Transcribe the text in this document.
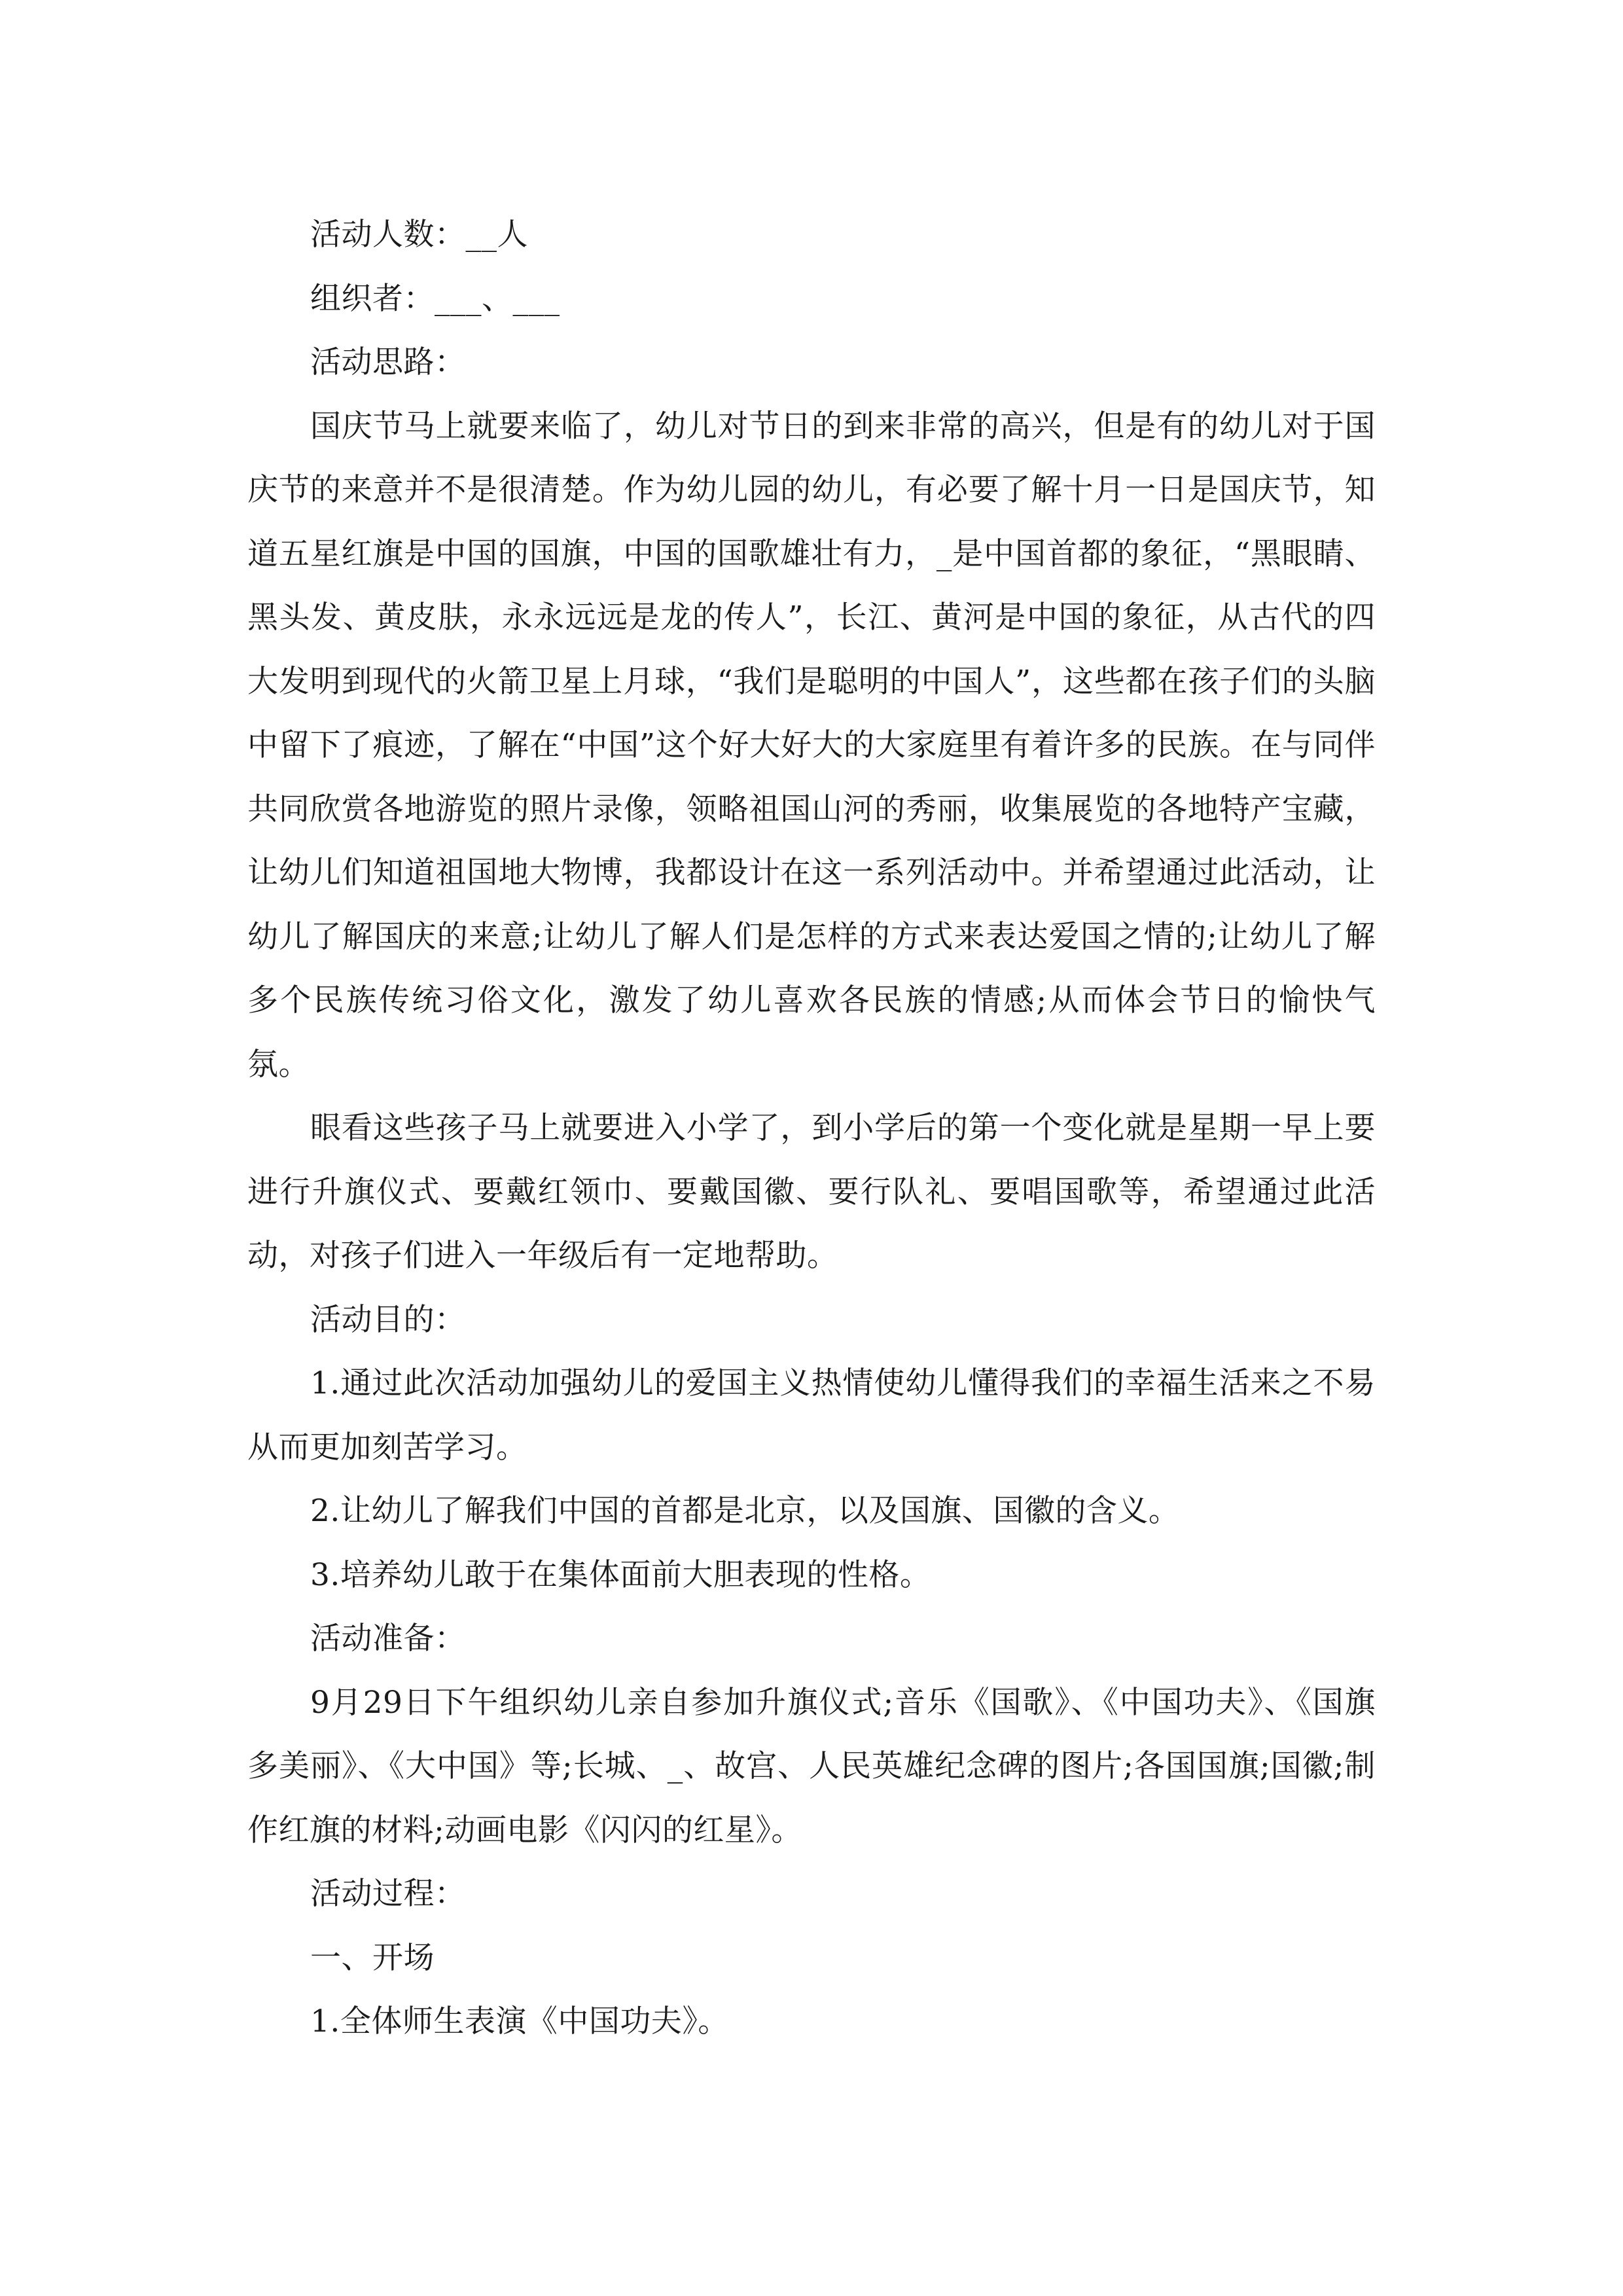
活动人数：__人

组织者：___、___

活动思路：

国庆节马上就要来临了，幼儿对节日的到来非常的高兴，但是有的幼儿对于国庆节的来意并不是很清楚。作为幼儿园的幼儿，有必要了解十月一日是国庆节，知道五星红旗是中国的国旗，中国的国歌雄壮有力，_是中国首都的象征，“黑眼睛、黑头发、黄皮肤，永永远远是龙的传人”，长江、黄河是中国的象征，从古代的四大发明到现代的火箭卫星上月球，“我们是聪明的中国人”，这些都在孩子们的头脑中留下了痕迹，了解在“中国”这个好大好大的大家庭里有着许多的民族。在与同伴共同欣赏各地游览的照片录像，领略祖国山河的秀丽，收集展览的各地特产宝藏，让幼儿们知道祖国地大物博，我都设计在这一系列活动中。并希望通过此活动，让幼儿了解国庆的来意;让幼儿了解人们是怎样的方式来表达爱国之情的;让幼儿了解多个民族传统习俗文化，激发了幼儿喜欢各民族的情感;从而体会节日的愉快气氛。

眼看这些孩子马上就要进入小学了，到小学后的第一个变化就是星期一早上要进行升旗仪式、要戴红领巾、要戴国徽、要行队礼、要唱国歌等，希望通过此活动，对孩子们进入一年级后有一定地帮助。

活动目的：

1.通过此次活动加强幼儿的爱国主义热情使幼儿懂得我们的幸福生活来之不易从而更加刻苦学习。

2.让幼儿了解我们中国的首都是北京，以及国旗、国徽的含义。

3.培养幼儿敢于在集体面前大胆表现的性格。

活动准备：

9月29日下午组织幼儿亲自参加升旗仪式;音乐《国歌》、《中国功夫》、《国旗多美丽》、《大中国》等;长城、_、故宫、人民英雄纪念碑的图片;各国国旗;国徽;制作红旗的材料;动画电影《闪闪的红星》。

活动过程：

一、开场

1.全体师生表演《中国功夫》。
